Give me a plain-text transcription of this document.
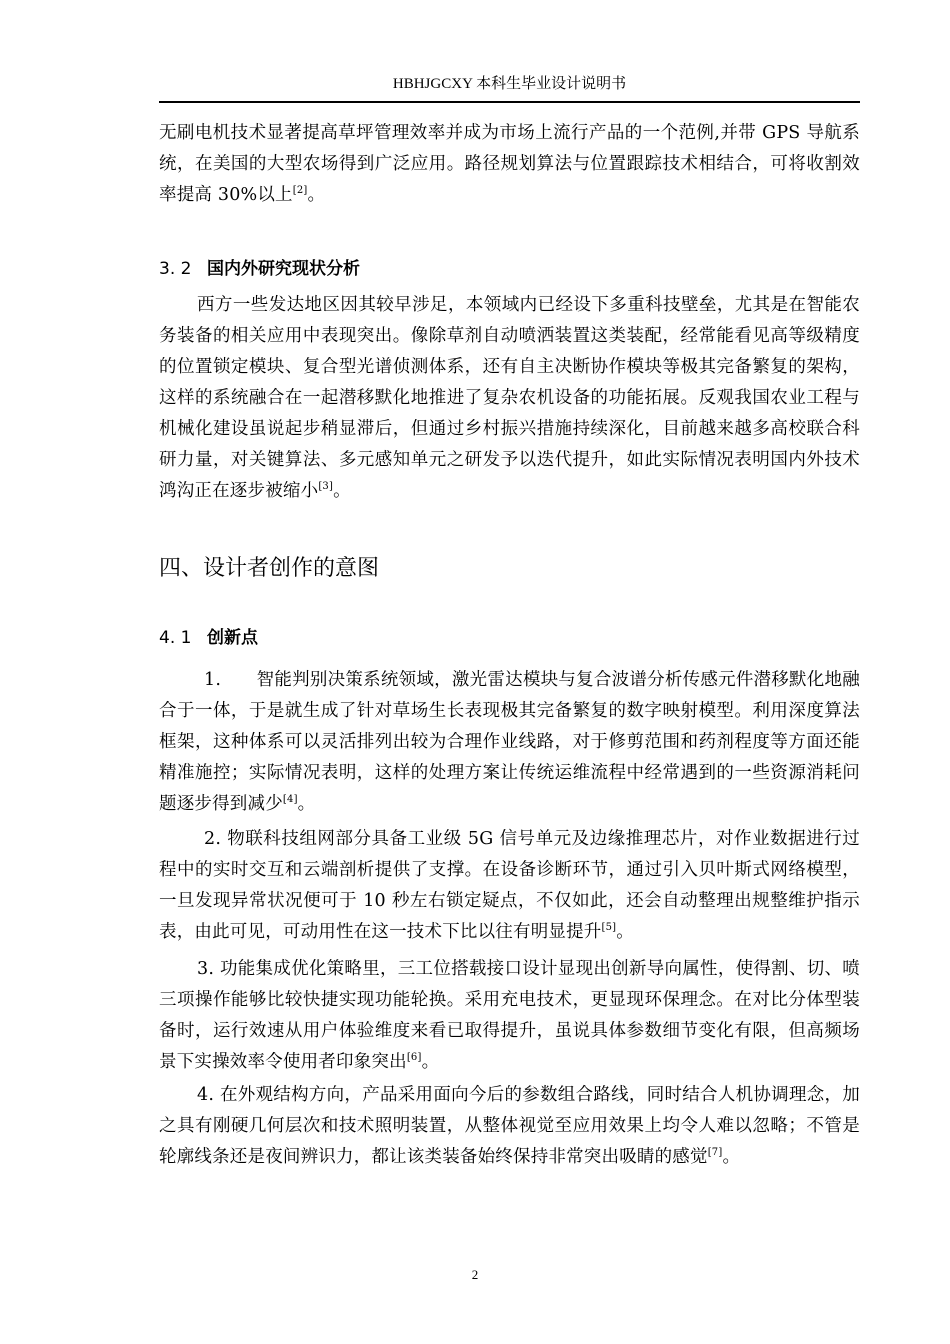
HBHJGCXY 本科生毕业设计说明书

无刷电机技术显著提高草坪管理效率并成为市场上流行产品的一个范例,并带 GPS 导航系统，在美国的大型农场得到广泛应用。路径规划算法与位置跟踪技术相结合，可将收割效率提高 30%以上[2]。

3. 2 国内外研究现状分析

西方一些发达地区因其较早涉足，本领域内已经设下多重科技壁垒，尤其是在智能农务装备的相关应用中表现突出。像除草剂自动喷洒装置这类装配，经常能看见高等级精度的位置锁定模块、复合型光谱侦测体系，还有自主决断协作模块等极其完备繁复的架构，这样的系统融合在一起潜移默化地推进了复杂农机设备的功能拓展。反观我国农业工程与机械化建设虽说起步稍显滞后，但通过乡村振兴措施持续深化，目前越来越多高校联合科研力量，对关键算法、多元感知单元之研发予以迭代提升，如此实际情况表明国内外技术鸿沟正在逐步被缩小[3]。

四、设计者创作的意图
4. 1 创新点

1.　　智能判别决策系统领域，激光雷达模块与复合波谱分析传感元件潜移默化地融合于一体，于是就生成了针对草场生长表现极其完备繁复的数字映射模型。利用深度算法框架，这种体系可以灵活排列出较为合理作业线路，对于修剪范围和药剂程度等方面还能精准施控；实际情况表明，这样的处理方案让传统运维流程中经常遇到的一些资源消耗问题逐步得到减少[4]。

2. 物联科技组网部分具备工业级 5G 信号单元及边缘推理芯片，对作业数据进行过程中的实时交互和云端剖析提供了支撑。在设备诊断环节，通过引入贝叶斯式网络模型，一旦发现异常状况便可于 10 秒左右锁定疑点，不仅如此，还会自动整理出规整维护指示表，由此可见，可动用性在这一技术下比以往有明显提升[5]。

3. 功能集成优化策略里，三工位搭载接口设计显现出创新导向属性，使得割、切、喷三项操作能够比较快捷实现功能轮换。采用充电技术，更显现环保理念。在对比分体型装备时，运行效速从用户体验维度来看已取得提升，虽说具体参数细节变化有限，但高频场景下实操效率令使用者印象突出[6]。

4. 在外观结构方向，产品采用面向今后的参数组合路线，同时结合人机协调理念，加之具有刚硬几何层次和技术照明装置，从整体视觉至应用效果上均令人难以忽略；不管是轮廓线条还是夜间辨识力，都让该类装备始终保持非常突出吸睛的感觉[7]。

2
